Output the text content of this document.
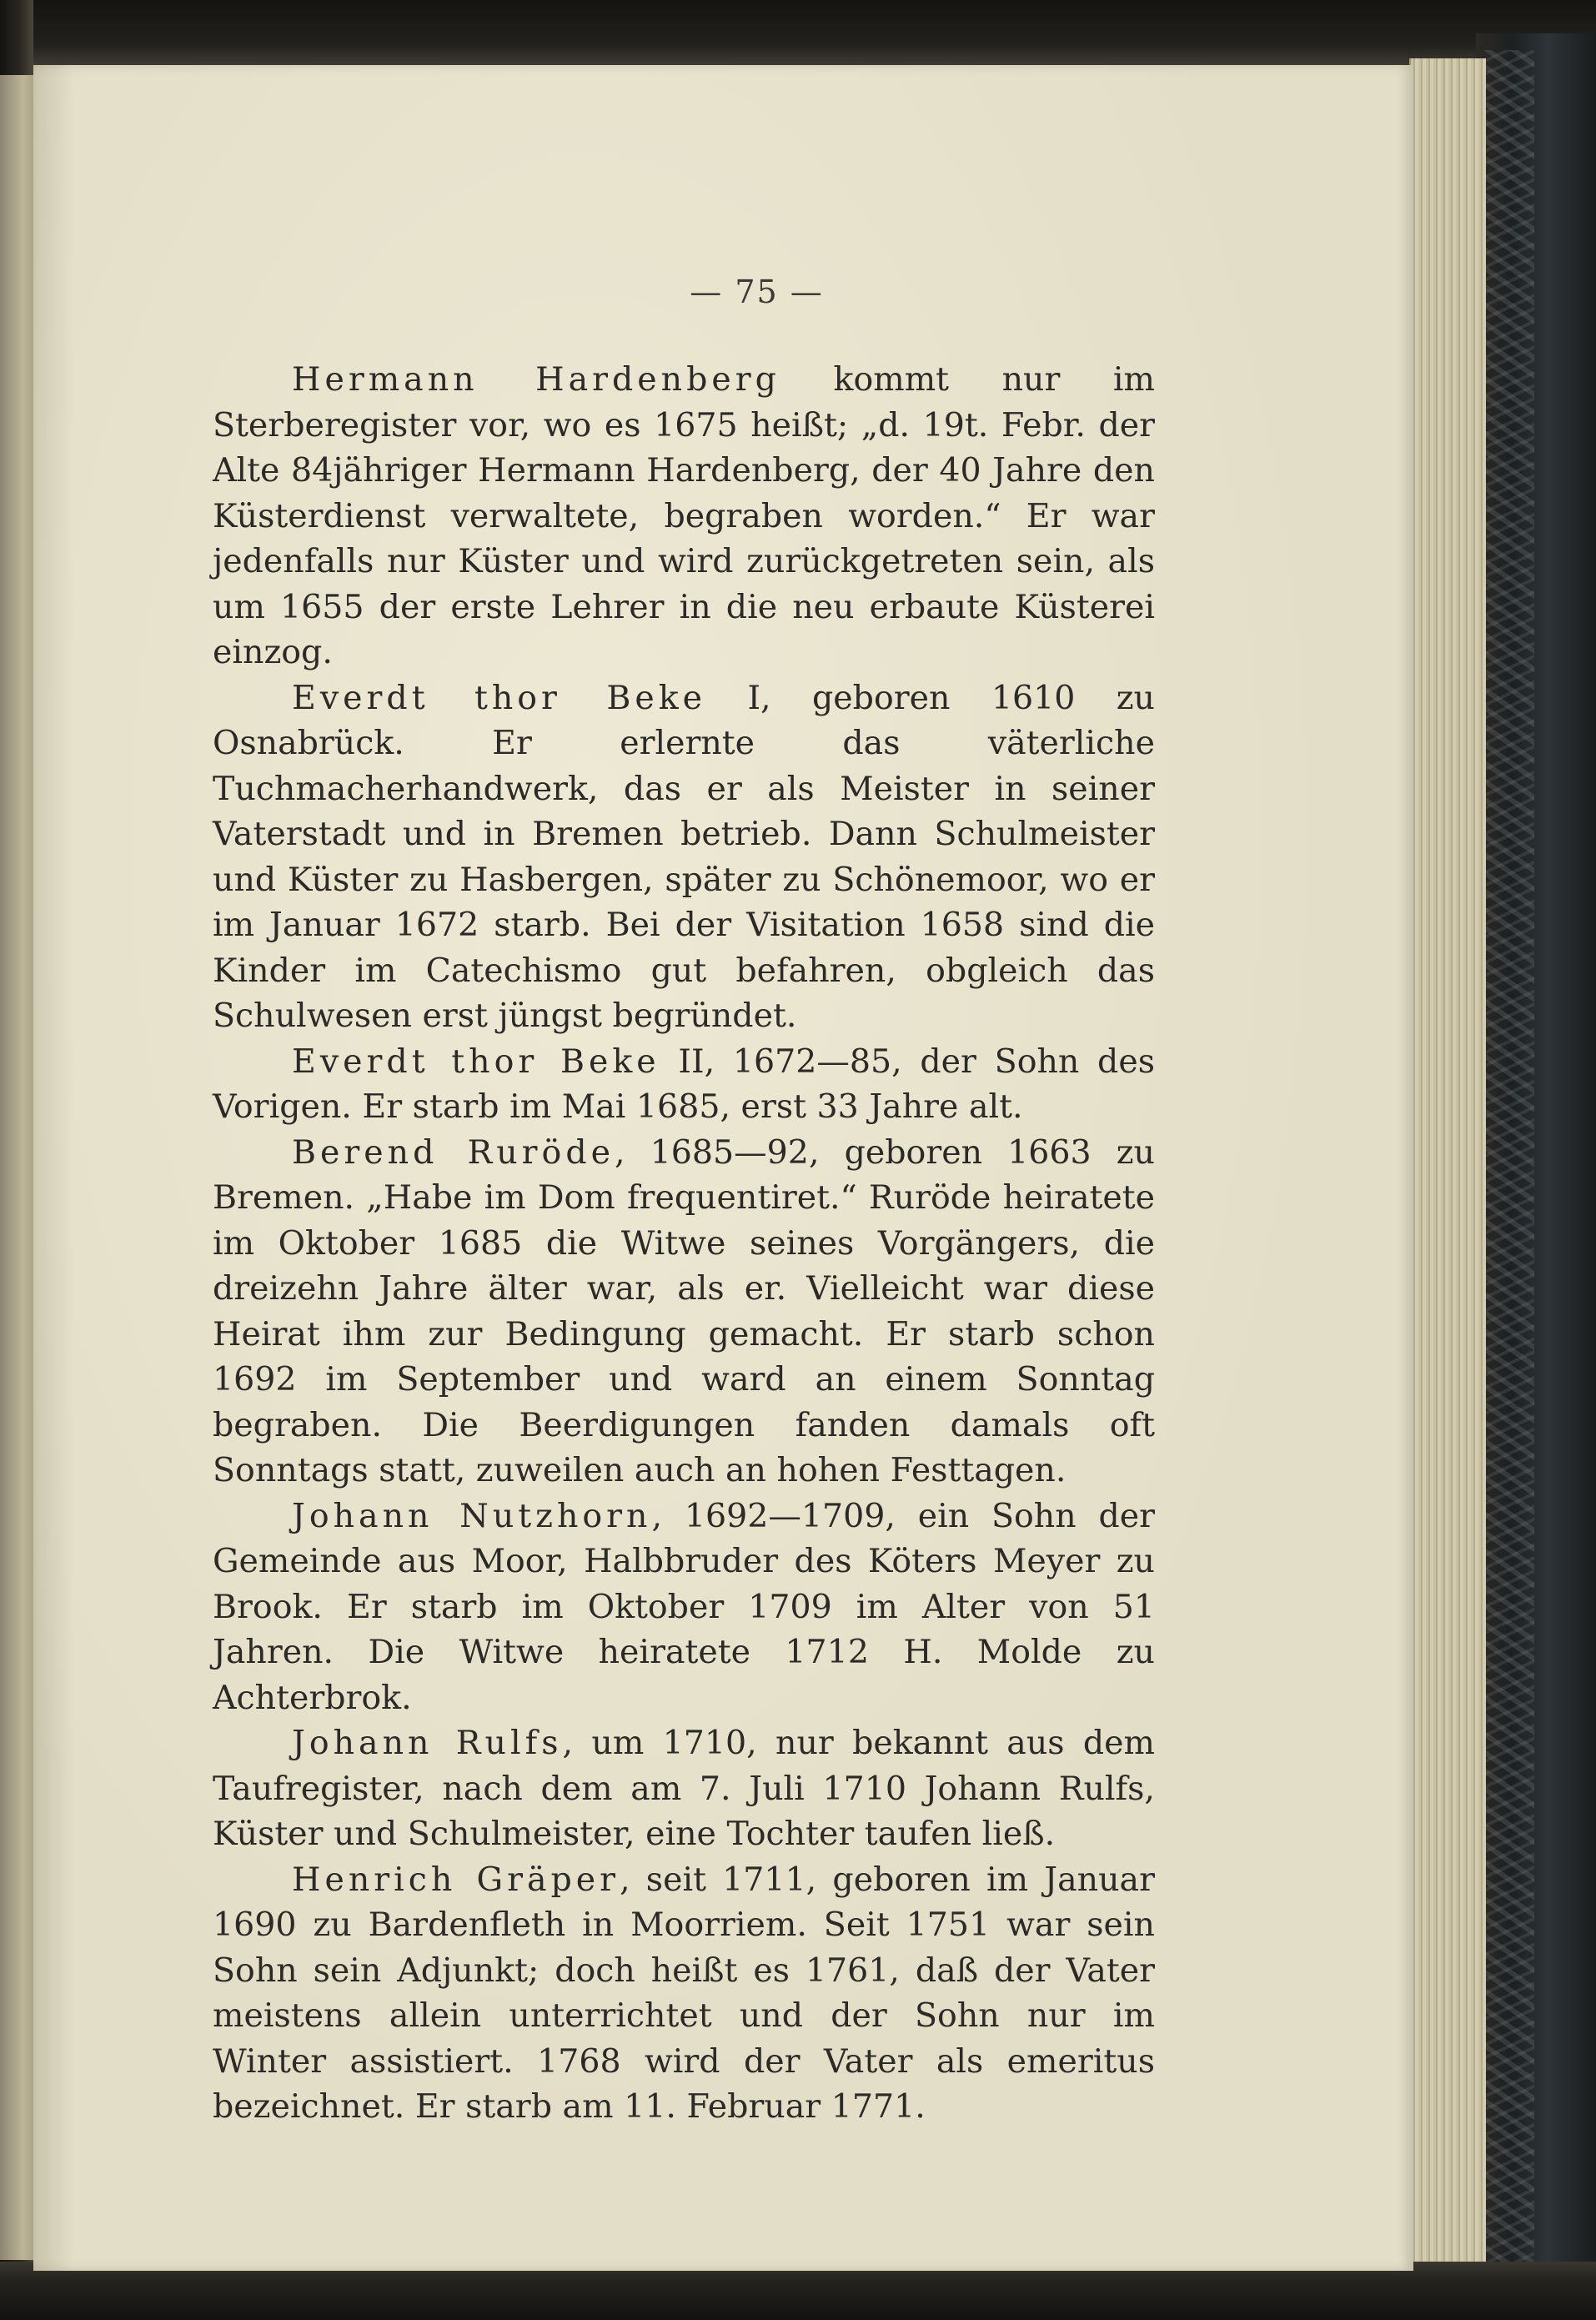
— 75 —

Hermann Hardenberg kommt nur im Sterberegister vor, wo es 1675 heißt; „d. 19t. Febr. der Alte 84jähriger Hermann Hardenberg, der 40 Jahre den Küsterdienst verwaltete, begraben worden.“ Er war jedenfalls nur Küster und wird zurückgetreten sein, als um 1655 der erste Lehrer in die neu erbaute Küsterei einzog.

Everdt thor Beke I, geboren 1610 zu Osnabrück. Er erlernte das väterliche Tuchmacherhandwerk, das er als Meister in seiner Vaterstadt und in Bremen betrieb. Dann Schulmeister und Küster zu Hasbergen, später zu Schönemoor, wo er im Januar 1672 starb. Bei der Visitation 1658 sind die Kinder im Catechismo gut befahren, obgleich das Schulwesen erst jüngst begründet.

Everdt thor Beke II, 1672—85, der Sohn des Vorigen. Er starb im Mai 1685, erst 33 Jahre alt.

Berend Ruröde, 1685—92, geboren 1663 zu Bremen. „Habe im Dom frequentiret.“ Ruröde heiratete im Oktober 1685 die Witwe seines Vorgängers, die dreizehn Jahre älter war, als er. Vielleicht war diese Heirat ihm zur Bedingung gemacht. Er starb schon 1692 im September und ward an einem Sonntag begraben. Die Beerdigungen fanden damals oft Sonntags statt, zuweilen auch an hohen Festtagen.

Johann Nutzhorn, 1692—1709, ein Sohn der Gemeinde aus Moor, Halbbruder des Köters Meyer zu Brook. Er starb im Oktober 1709 im Alter von 51 Jahren. Die Witwe heiratete 1712 H. Molde zu Achterbrok.

Johann Rulfs, um 1710, nur bekannt aus dem Taufregister, nach dem am 7. Juli 1710 Johann Rulfs, Küster und Schulmeister, eine Tochter taufen ließ.

Henrich Gräper, seit 1711, geboren im Januar 1690 zu Bardenfleth in Moorriem. Seit 1751 war sein Sohn sein Adjunkt; doch heißt es 1761, daß der Vater meistens allein unterrichtet und der Sohn nur im Winter assistiert. 1768 wird der Vater als emeritus bezeichnet. Er starb am 11. Februar 1771.
